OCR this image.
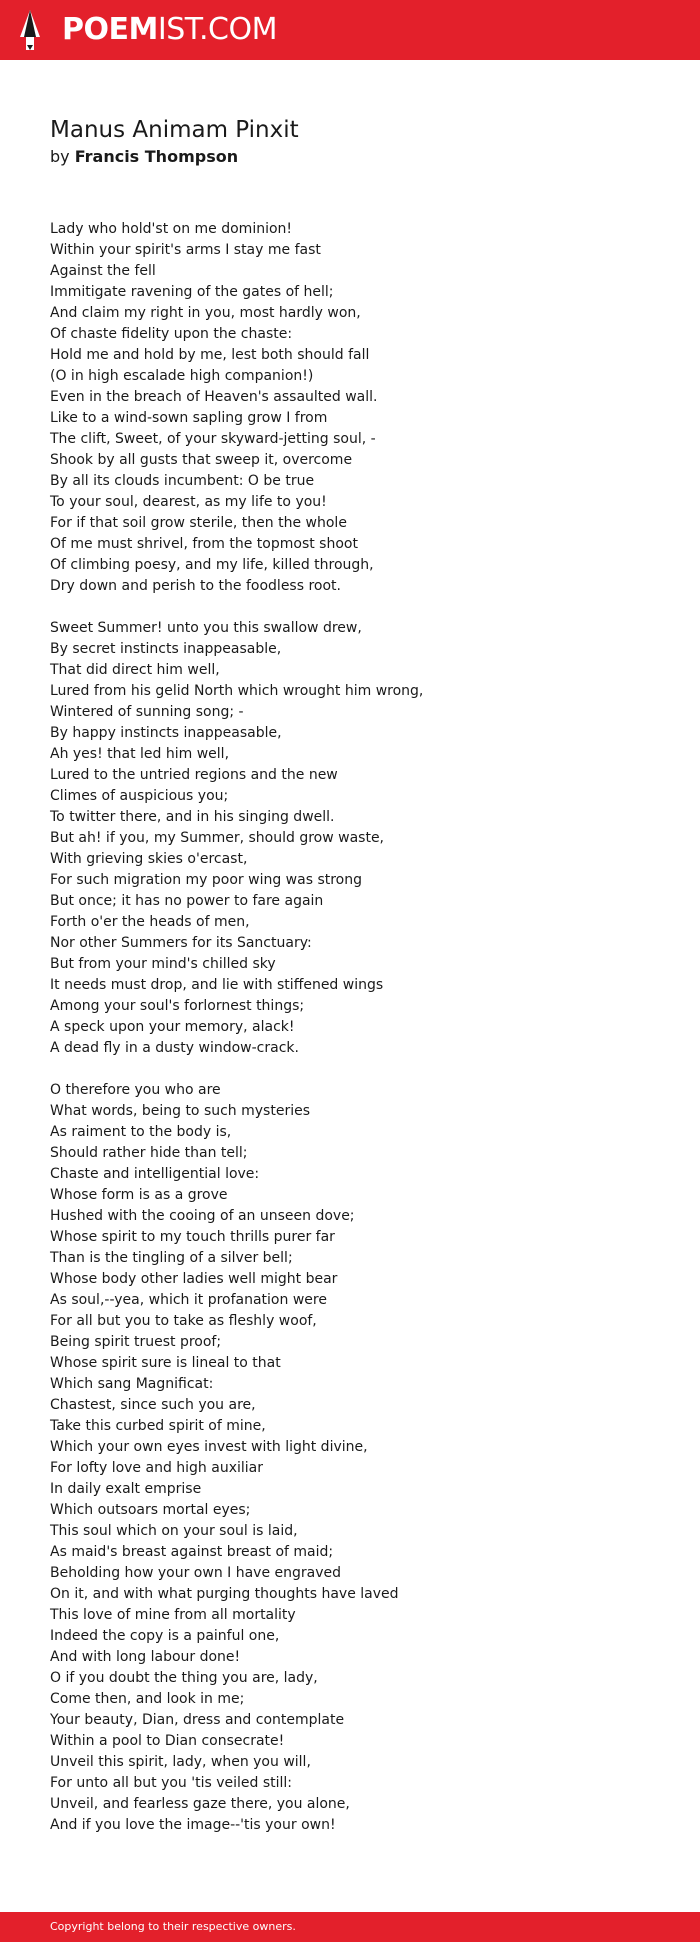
POEMIST.COM
Manus Animam Pinxit
by Francis Thompson
Lady who hold'st on me dominion!
Within your spirit's arms I stay me fast
Against the fell
Immitigate ravening of the gates of hell;
And claim my right in you, most hardly won,
Of chaste fidelity upon the chaste:
Hold me and hold by me, lest both should fall
(O in high escalade high companion!)
Even in the breach of Heaven's assaulted wall.
Like to a wind-sown sapling grow I from
The clift, Sweet, of your skyward-jetting soul, -
Shook by all gusts that sweep it, overcome
By all its clouds incumbent: O be true
To your soul, dearest, as my life to you!
For if that soil grow sterile, then the whole
Of me must shrivel, from the topmost shoot
Of climbing poesy, and my life, killed through,
Dry down and perish to the foodless root.
Sweet Summer! unto you this swallow drew,
By secret instincts inappeasable,
That did direct him well,
Lured from his gelid North which wrought him wrong,
Wintered of sunning song; -
By happy instincts inappeasable,
Ah yes! that led him well,
Lured to the untried regions and the new
Climes of auspicious you;
To twitter there, and in his singing dwell.
But ah! if you, my Summer, should grow waste,
With grieving skies o'ercast,
For such migration my poor wing was strong
But once; it has no power to fare again
Forth o'er the heads of men,
Nor other Summers for its Sanctuary:
But from your mind's chilled sky
It needs must drop, and lie with stiffened wings
Among your soul's forlornest things;
A speck upon your memory, alack!
A dead fly in a dusty window-crack.
O therefore you who are
What words, being to such mysteries
As raiment to the body is,
Should rather hide than tell;
Chaste and intelligential love:
Whose form is as a grove
Hushed with the cooing of an unseen dove;
Whose spirit to my touch thrills purer far
Than is the tingling of a silver bell;
Whose body other ladies well might bear
As soul,--yea, which it profanation were
For all but you to take as fleshly woof,
Being spirit truest proof;
Whose spirit sure is lineal to that
Which sang Magnificat:
Chastest, since such you are,
Take this curbed spirit of mine,
Which your own eyes invest with light divine,
For lofty love and high auxiliar
In daily exalt emprise
Which outsoars mortal eyes;
This soul which on your soul is laid,
As maid's breast against breast of maid;
Beholding how your own I have engraved
On it, and with what purging thoughts have laved
This love of mine from all mortality
Indeed the copy is a painful one,
And with long labour done!
O if you doubt the thing you are, lady,
Come then, and look in me;
Your beauty, Dian, dress and contemplate
Within a pool to Dian consecrate!
Unveil this spirit, lady, when you will,
For unto all but you 'tis veiled still:
Unveil, and fearless gaze there, you alone,
And if you love the image--'tis your own!
Copyright belong to their respective owners.
